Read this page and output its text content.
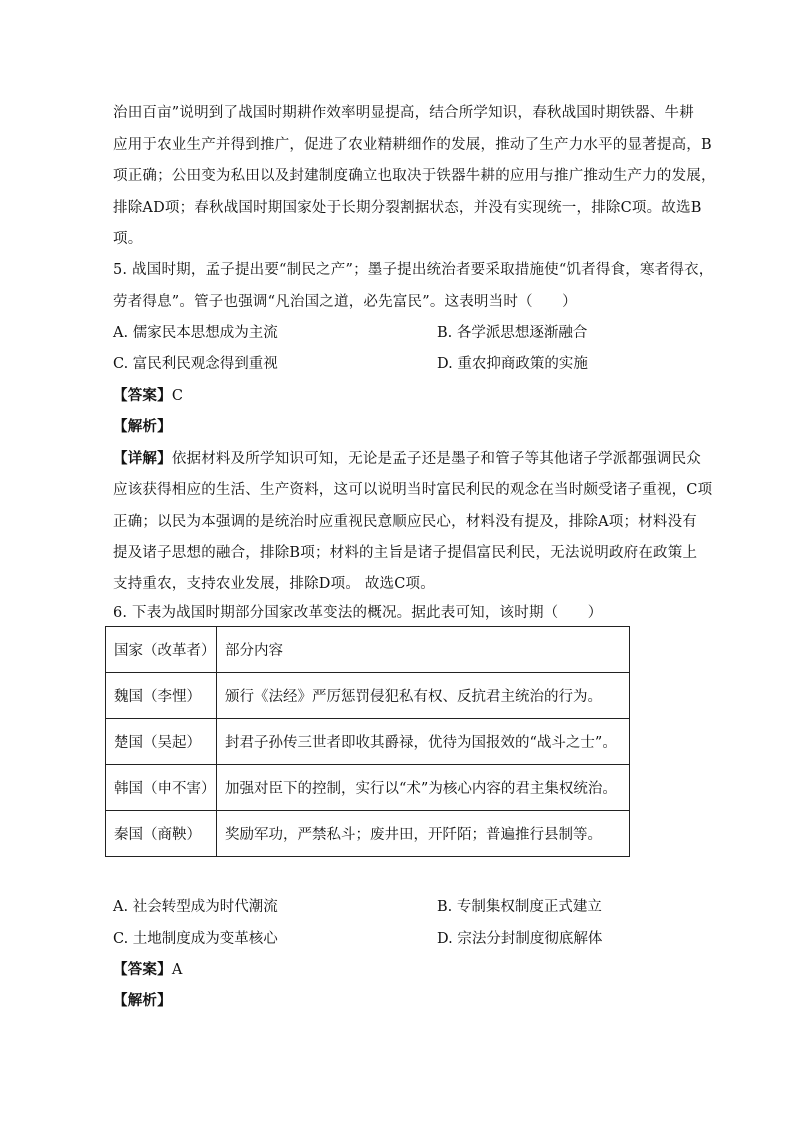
治田百亩”说明到了战国时期耕作效率明显提高，结合所学知识，春秋战国时期铁器、牛耕
应用于农业生产并得到推广，促进了农业精耕细作的发展，推动了生产力水平的显著提高，B
项正确；公田变为私田以及封建制度确立也取决于铁器牛耕的应用与推广推动生产力的发展，
排除AD项；春秋战国时期国家处于长期分裂割据状态，并没有实现统一，排除C项。故选B
项。
5. 战国时期，孟子提出要“制民之产”；墨子提出统治者要采取措施使“饥者得食，寒者得衣，
劳者得息”。管子也强调“凡治国之道，必先富民”。这表明当时（　　）
A. 儒家民本思想成为主流	B. 各学派思想逐渐融合
C. 富民利民观念得到重视	D. 重农抑商政策的实施
【答案】C
【解析】
【详解】依据材料及所学知识可知，无论是孟子还是墨子和管子等其他诸子学派都强调民众
应该获得相应的生活、生产资料，这可以说明当时富民利民的观念在当时颇受诸子重视，C项
正确；以民为本强调的是统治时应重视民意顺应民心，材料没有提及，排除A项；材料没有
提及诸子思想的融合，排除B项；材料的主旨是诸子提倡富民利民，无法说明政府在政策上
支持重农，支持农业发展，排除D项。 故选C项。
6. 下表为战国时期部分国家改革变法的概况。据此表可知，该时期（　　）
国家（改革者）	部分内容
魏国（李悝）	颁行《法经》严厉惩罚侵犯私有权、反抗君主统治的行为。
楚国（吴起）	封君子孙传三世者即收其爵禄，优待为国报效的“战斗之士”。
韩国（申不害）	加强对臣下的控制，实行以“术”为核心内容的君主集权统治。
秦国（商鞅）	奖励军功，严禁私斗；废井田，开阡陌；普遍推行县制等。
A. 社会转型成为时代潮流	B. 专制集权制度正式建立
C. 土地制度成为变革核心	D. 宗法分封制度彻底解体
【答案】A
【解析】
